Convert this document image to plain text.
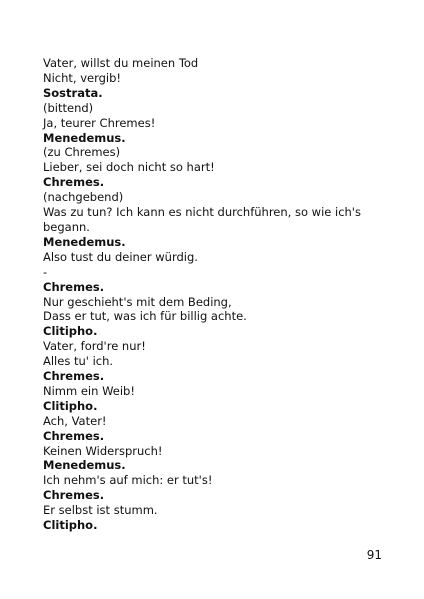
Vater, willst du meinen Tod
Nicht, vergib!
Sostrata.
(bittend)
Ja, teurer Chremes!
Menedemus.
(zu Chremes)
Lieber, sei doch nicht so hart!
Chremes.
(nachgebend)
Was zu tun? Ich kann es nicht durchführen, so wie ich's begann.
Menedemus.
Also tust du deiner würdig.
-
Chremes.
Nur geschieht's mit dem Beding,
Dass er tut, was ich für billig achte.
Clitipho.
Vater, ford're nur!
Alles tu' ich.
Chremes.
Nimm ein Weib!
Clitipho.
Ach, Vater!
Chremes.
Keinen Widerspruch!
Menedemus.
Ich nehm's auf mich: er tut's!
Chremes.
Er selbst ist stumm.
Clitipho.
91
